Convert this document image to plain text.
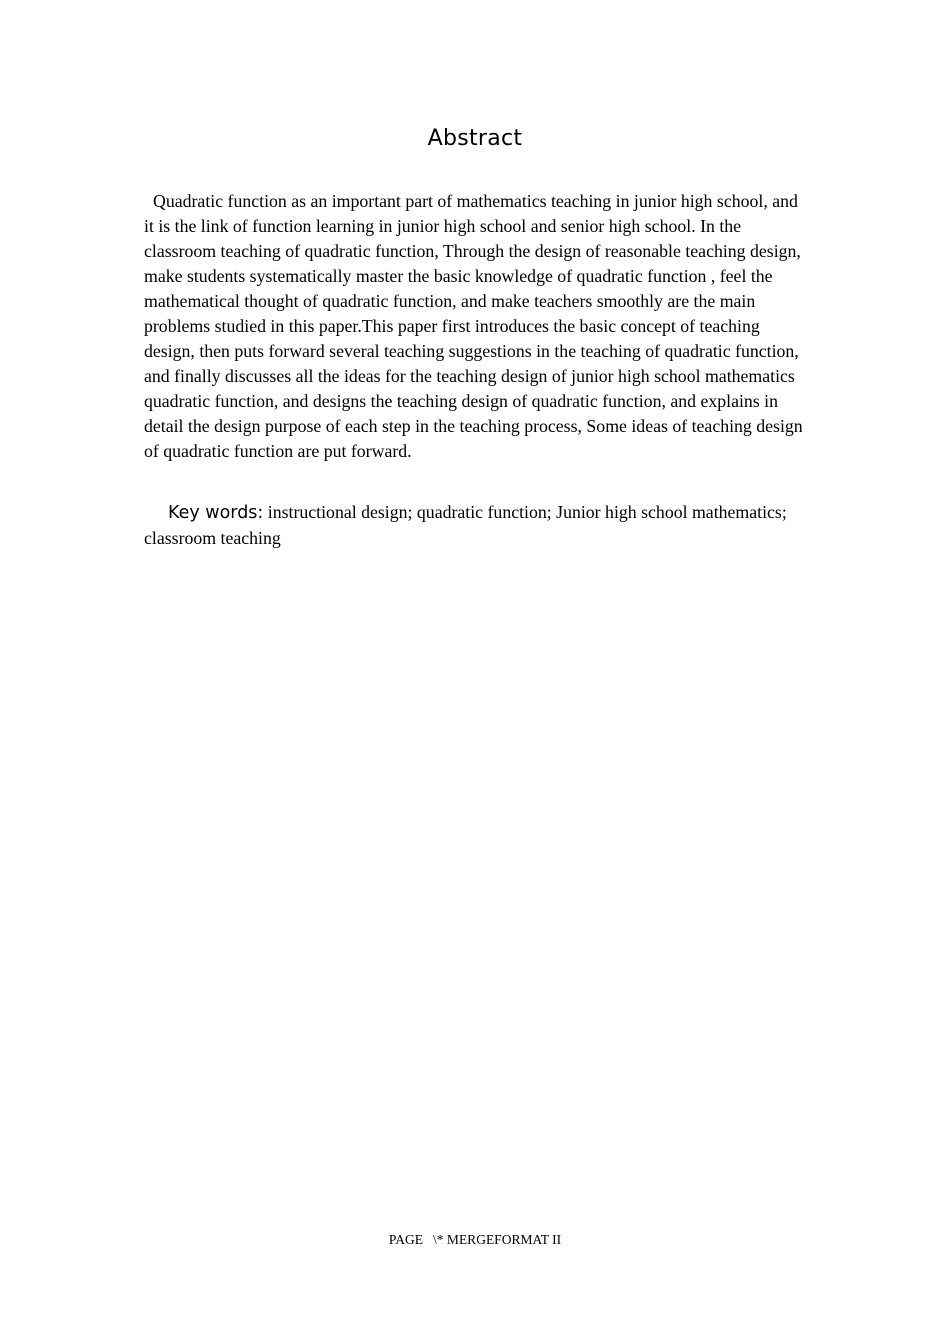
Abstract

Quadratic function as an important part of mathematics teaching in junior high school, and it is the link of function learning in junior high school and senior high school. In the classroom teaching of quadratic function, Through the design of reasonable teaching design, make students systematically master the basic knowledge of quadratic function , feel the mathematical thought of quadratic function, and make teachers smoothly are the main problems studied in this paper.This paper first introduces the basic concept of teaching design, then puts forward several teaching suggestions in the teaching of quadratic function, and finally discusses all the ideas for the teaching design of junior high school mathematics quadratic function, and designs the teaching design of quadratic function, and explains in detail the design purpose of each step in the teaching process, Some ideas of teaching design of quadratic function are put forward.

Key words: instructional design; quadratic function; Junior high school mathematics; classroom teaching

PAGE   \* MERGEFORMAT II
